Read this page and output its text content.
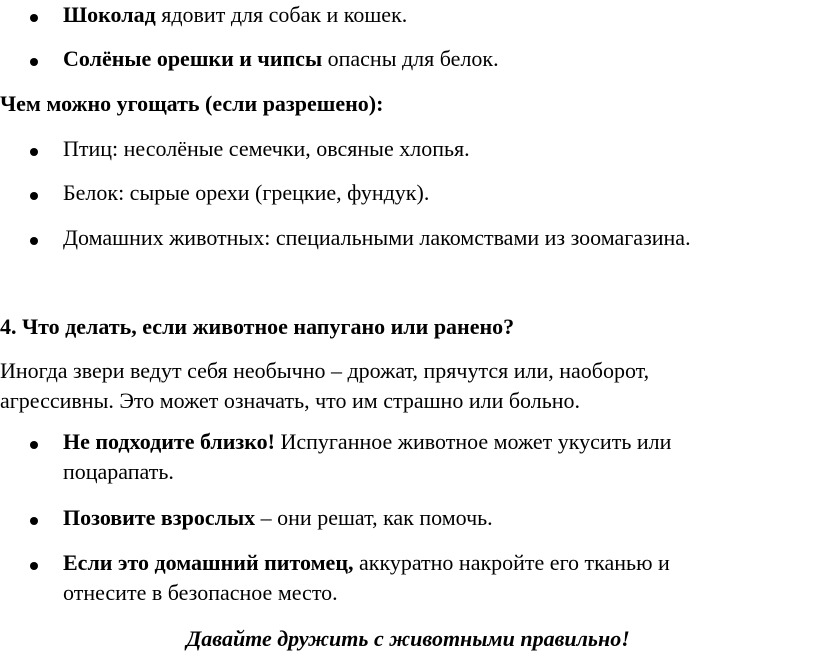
Шоколад ядовит для собак и кошек.
Солёные орешки и чипсы опасны для белок.
Чем можно угощать (если разрешено):
Птиц: несолёные семечки, овсяные хлопья.
Белок: сырые орехи (грецкие, фундук).
Домашних животных: специальными лакомствами из зоомагазина.
4. Что делать, если животное напугано или ранено?
Иногда звери ведут себя необычно – дрожат, прячутся или, наоборот,
агрессивны. Это может означать, что им страшно или больно.
Не подходите близко! Испуганное животное может укусить или
поцарапать.
Позовите взрослых – они решат, как помочь.
Если это домашний питомец, аккуратно накройте его тканью и
отнесите в безопасное место.
Давайте дружить с животными правильно!
